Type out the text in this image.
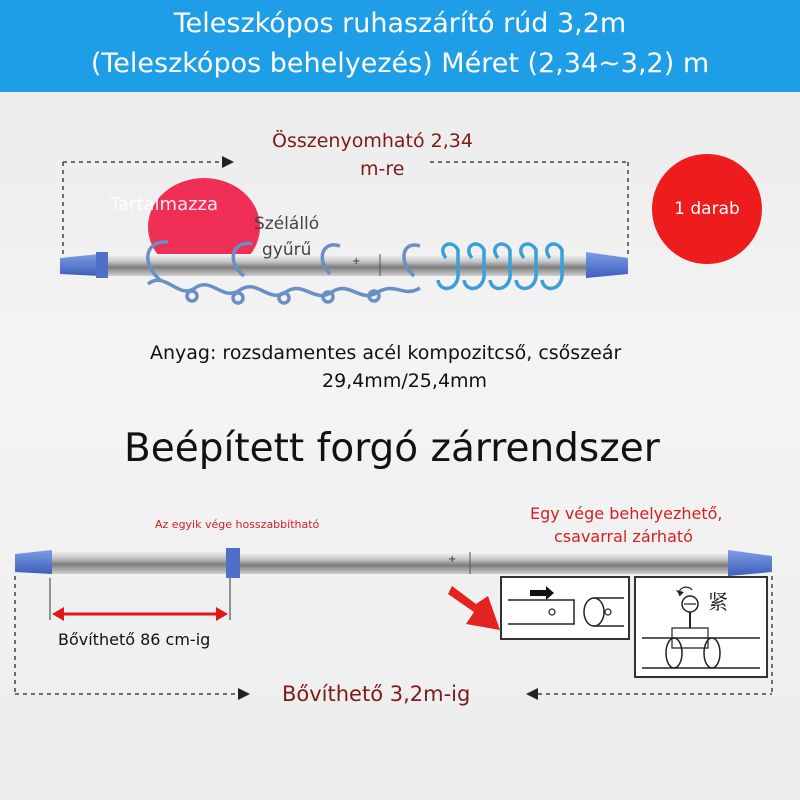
Teleszkópos ruhaszárító rúd 3,2m
(Teleszkópos behelyezés) Méret (2,34~3,2) m
Tartalmazza
+
+
紧
Összenyomható 2,34
m-re
Szélálló
gyűrű
1 darab
Anyag: rozsdamentes acél kompozitcső, csőszeár
29,4mm/25,4mm
Beépített forgó zárrendszer
Az egyik vége hosszabbítható
Egy vége behelyezhető,
csavarral zárható
Bővíthető 86 cm-ig
Bővíthető 3,2m-ig
